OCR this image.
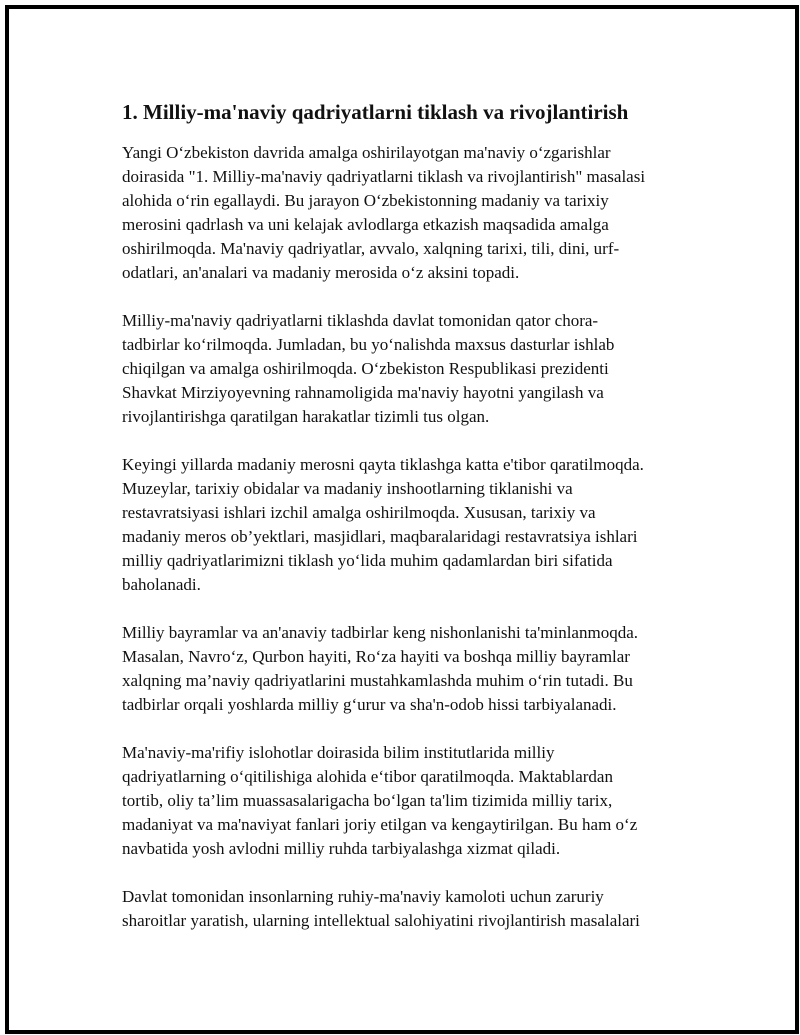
1. Milliy-ma'naviy qadriyatlarni tiklash va rivojlantirish

Yangi O‘zbekiston davrida amalga oshirilayotgan ma'naviy o‘zgarishlar
doirasida "1. Milliy-ma'naviy qadriyatlarni tiklash va rivojlantirish" masalasi
alohida o‘rin egallaydi. Bu jarayon O‘zbekistonning madaniy va tarixiy
merosini qadrlash va uni kelajak avlodlarga etkazish maqsadida amalga
oshirilmoqda. Ma'naviy qadriyatlar, avvalo, xalqning tarixi, tili, dini, urf-
odatlari, an'analari va madaniy merosida o‘z aksini topadi.

Milliy-ma'naviy qadriyatlarni tiklashda davlat tomonidan qator chora-
tadbirlar ko‘rilmoqda. Jumladan, bu yo‘nalishda maxsus dasturlar ishlab
chiqilgan va amalga oshirilmoqda. O‘zbekiston Respublikasi prezidenti
Shavkat Mirziyoyevning rahnamoligida ma'naviy hayotni yangilash va
rivojlantirishga qaratilgan harakatlar tizimli tus olgan.

Keyingi yillarda madaniy merosni qayta tiklashga katta e'tibor qaratilmoqda.
Muzeylar, tarixiy obidalar va madaniy inshootlarning tiklanishi va
restavratsiyasi ishlari izchil amalga oshirilmoqda. Xususan, tarixiy va
madaniy meros ob’yektlari, masjidlari, maqbaralaridagi restavratsiya ishlari
milliy qadriyatlarimizni tiklash yo‘lida muhim qadamlardan biri sifatida
baholanadi.

Milliy bayramlar va an'anaviy tadbirlar keng nishonlanishi ta'minlanmoqda.
Masalan, Navro‘z, Qurbon hayiti, Ro‘za hayiti va boshqa milliy bayramlar
xalqning ma’naviy qadriyatlarini mustahkamlashda muhim o‘rin tutadi. Bu
tadbirlar orqali yoshlarda milliy g‘urur va sha'n-odob hissi tarbiyalanadi.

Ma'naviy-ma'rifiy islohotlar doirasida bilim institutlarida milliy
qadriyatlarning o‘qitilishiga alohida e‘tibor qaratilmoqda. Maktablardan
tortib, oliy ta’lim muassasalarigacha bo‘lgan ta'lim tizimida milliy tarix,
madaniyat va ma'naviyat fanlari joriy etilgan va kengaytirilgan. Bu ham o‘z
navbatida yosh avlodni milliy ruhda tarbiyalashga xizmat qiladi.

Davlat tomonidan insonlarning ruhiy-ma'naviy kamoloti uchun zaruriy
sharoitlar yaratish, ularning intellektual salohiyatini rivojlantirish masalalari
